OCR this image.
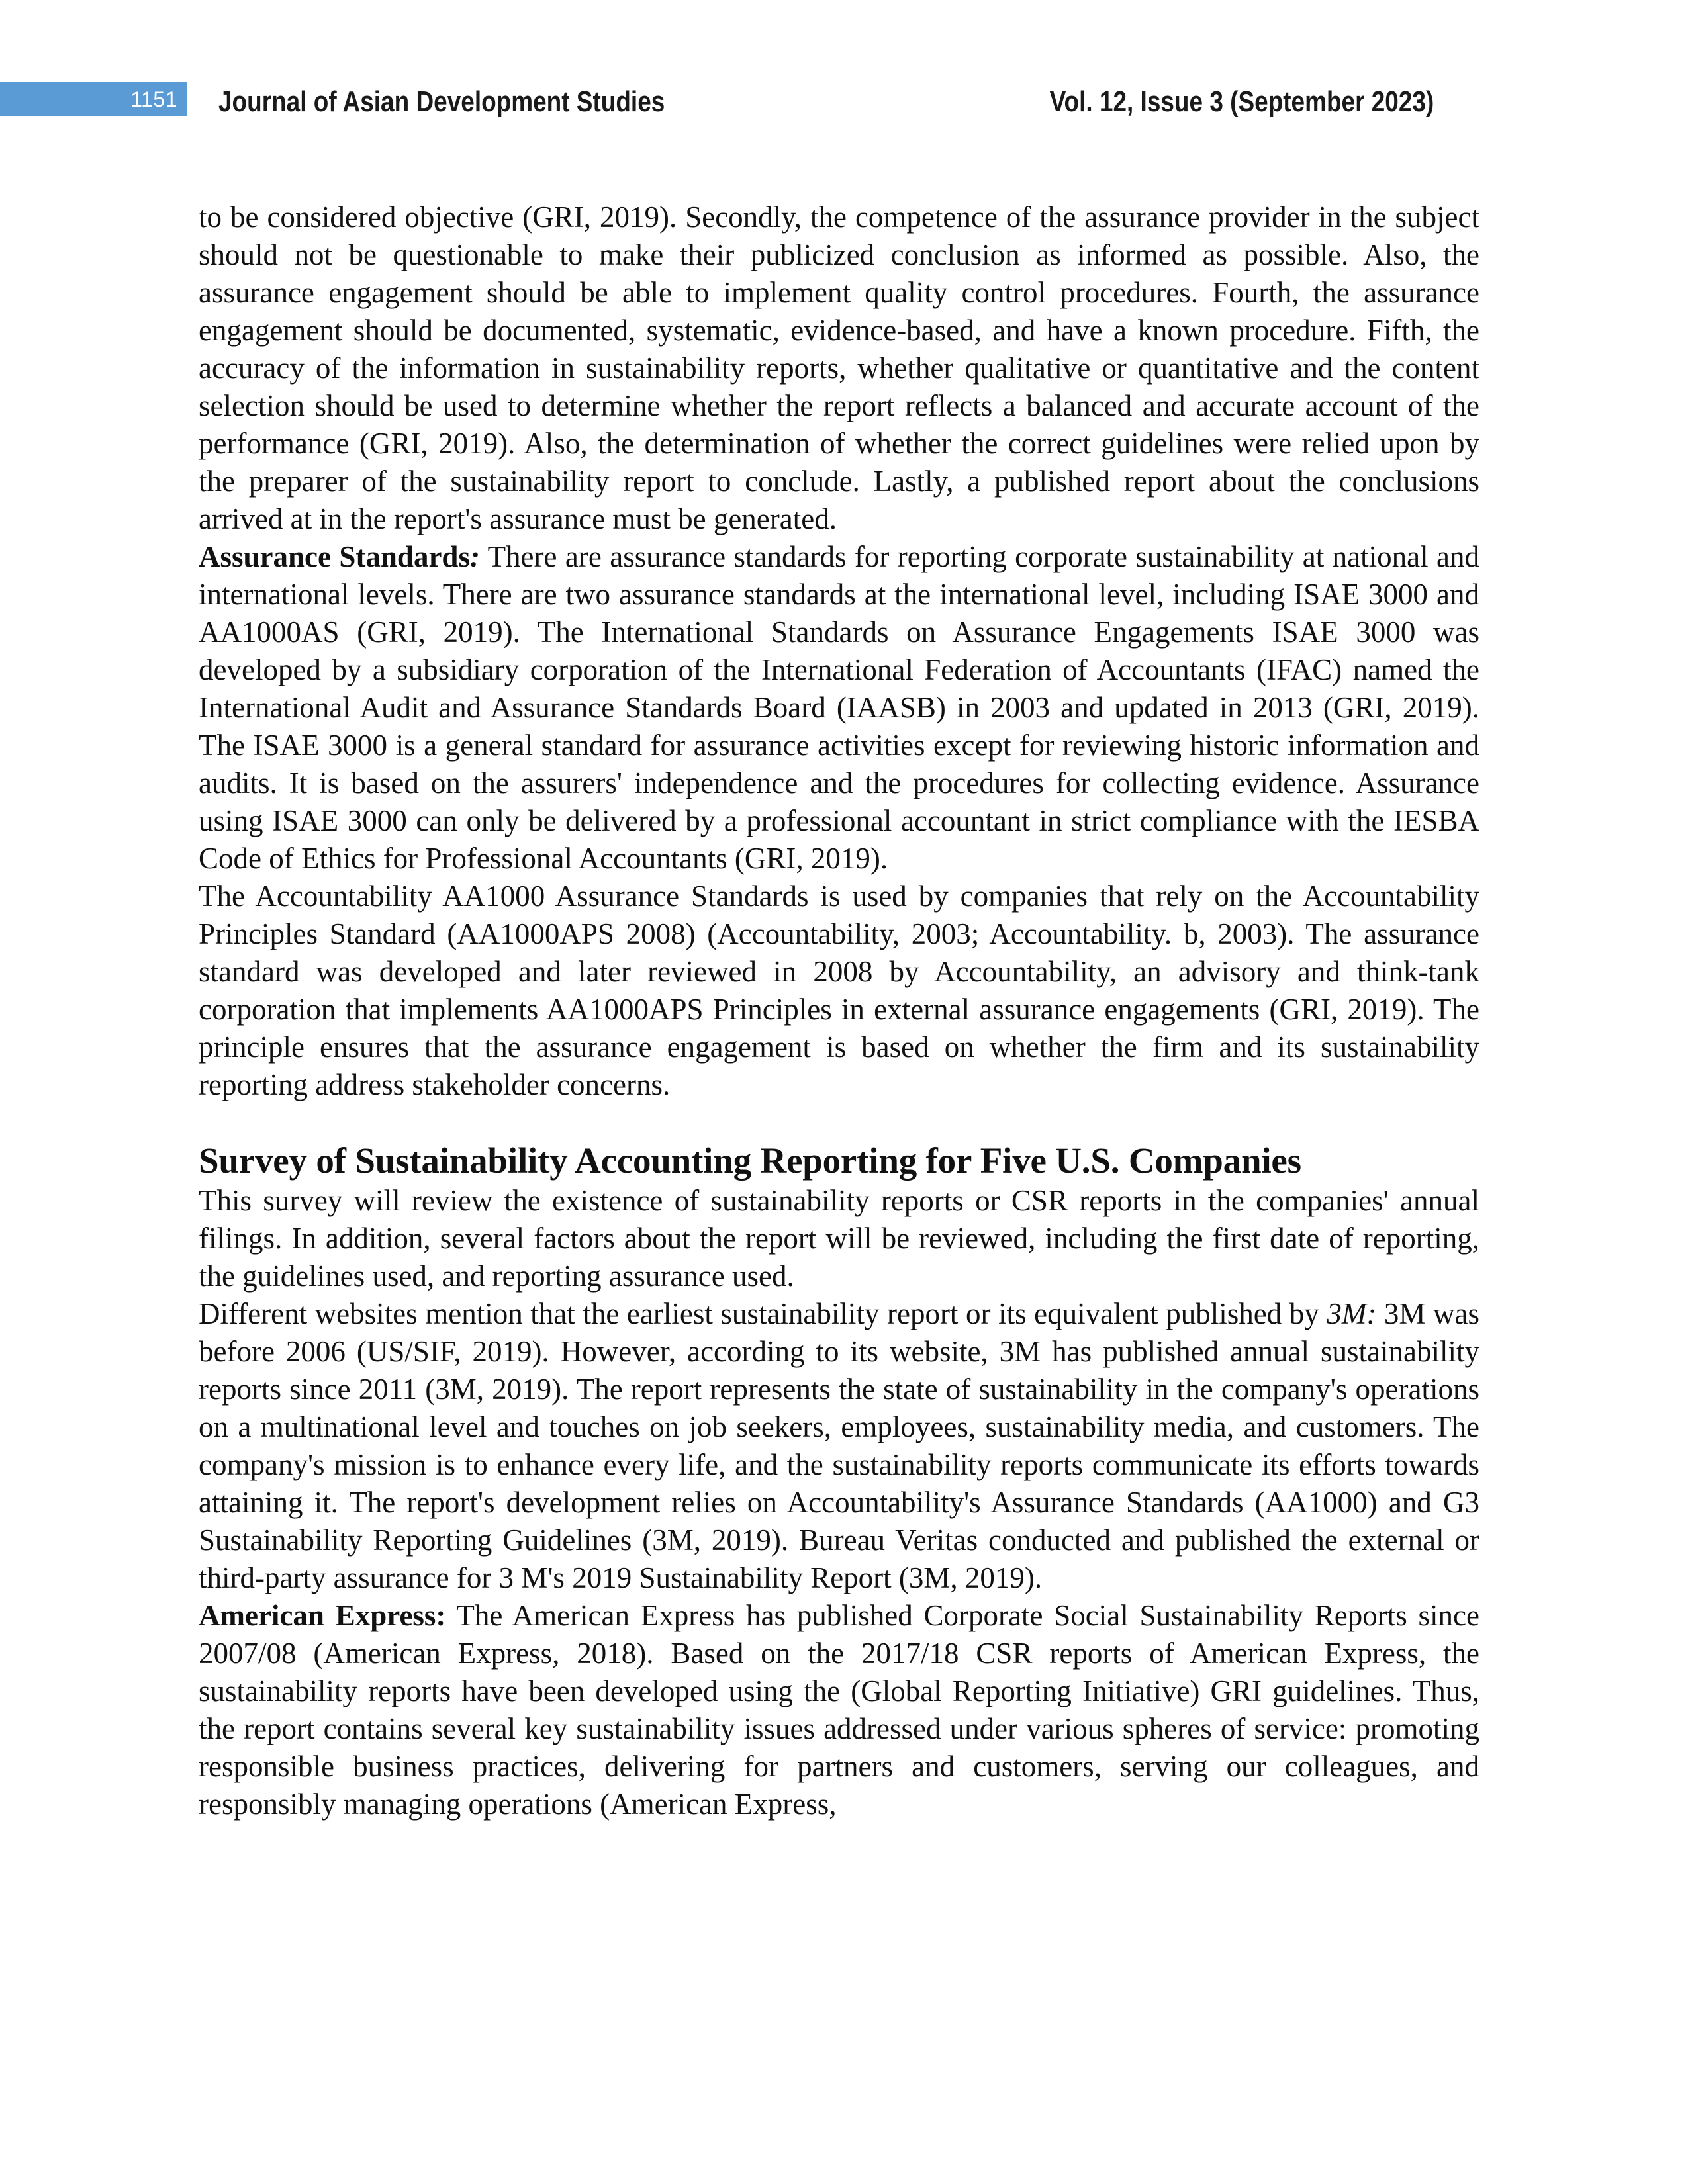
1151	Journal of Asian Development Studies	Vol. 12, Issue 3 (September 2023)

to be considered objective (GRI, 2019). Secondly, the competence of the assurance provider in the subject should not be questionable to make their publicized conclusion as informed as possible. Also, the assurance engagement should be able to implement quality control procedures. Fourth, the assurance engagement should be documented, systematic, evidence-based, and have a known procedure. Fifth, the accuracy of the information in sustainability reports, whether qualitative or quantitative and the content selection should be used to determine whether the report reflects a balanced and accurate account of the performance (GRI, 2019). Also, the determination of whether the correct guidelines were relied upon by the preparer of the sustainability report to conclude. Lastly, a published report about the conclusions arrived at in the report's assurance must be generated.

Assurance Standards: There are assurance standards for reporting corporate sustainability at national and international levels. There are two assurance standards at the international level, including ISAE 3000 and AA1000AS (GRI, 2019). The International Standards on Assurance Engagements ISAE 3000 was developed by a subsidiary corporation of the International Federation of Accountants (IFAC) named the International Audit and Assurance Standards Board (IAASB) in 2003 and updated in 2013 (GRI, 2019). The ISAE 3000 is a general standard for assurance activities except for reviewing historic information and audits. It is based on the assurers' independence and the procedures for collecting evidence. Assurance using ISAE 3000 can only be delivered by a professional accountant in strict compliance with the IESBA Code of Ethics for Professional Accountants (GRI, 2019).

The Accountability AA1000 Assurance Standards is used by companies that rely on the Accountability Principles Standard (AA1000APS 2008) (Accountability, 2003; Accountability. b, 2003). The assurance standard was developed and later reviewed in 2008 by Accountability, an advisory and think-tank corporation that implements AA1000APS Principles in external assurance engagements (GRI, 2019). The principle ensures that the assurance engagement is based on whether the firm and its sustainability reporting address stakeholder concerns.

Survey of Sustainability Accounting Reporting for Five U.S. Companies

This survey will review the existence of sustainability reports or CSR reports in the companies' annual filings. In addition, several factors about the report will be reviewed, including the first date of reporting, the guidelines used, and reporting assurance used.

Different websites mention that the earliest sustainability report or its equivalent published by 3M: 3M was before 2006 (US/SIF, 2019). However, according to its website, 3M has published annual sustainability reports since 2011 (3M, 2019). The report represents the state of sustainability in the company's operations on a multinational level and touches on job seekers, employees, sustainability media, and customers. The company's mission is to enhance every life, and the sustainability reports communicate its efforts towards attaining it. The report's development relies on Accountability's Assurance Standards (AA1000) and G3 Sustainability Reporting Guidelines (3M, 2019). Bureau Veritas conducted and published the external or third-party assurance for 3 M's 2019 Sustainability Report (3M, 2019).

American Express: The American Express has published Corporate Social Sustainability Reports since 2007/08 (American Express, 2018). Based on the 2017/18 CSR reports of American Express, the sustainability reports have been developed using the (Global Reporting Initiative) GRI guidelines. Thus, the report contains several key sustainability issues addressed under various spheres of service: promoting responsible business practices, delivering for partners and customers, serving our colleagues, and responsibly managing operations (American Express,
